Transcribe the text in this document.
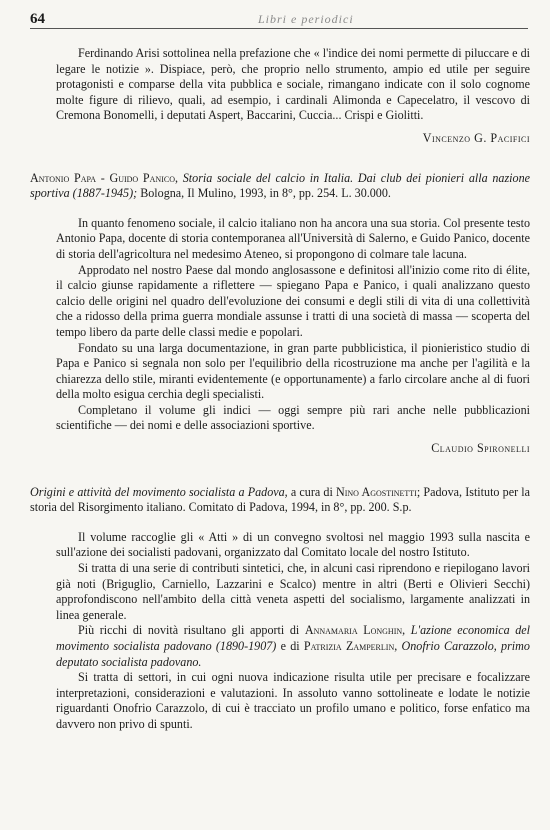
64	Libri e periodici

Ferdinando Arisi sottolinea nella prefazione che « l'indice dei nomi permette di piluccare e di legare le notizie ». Dispiace, però, che proprio nello strumento, ampio ed utile per seguire protagonisti e comparse della vita pubblica e sociale, rimangano indicate con il solo cognome molte figure di rilievo, quali, ad esempio, i cardinali Alimonda e Capecelatro, il vescovo di Cremona Bonomelli, i deputati Aspert, Baccarini, Cuccia... Crispi e Giolitti.

Vincenzo G. Pacifici

Antonio Papa - Guido Panico, Storia sociale del calcio in Italia. Dai club dei pionieri alla nazione sportiva (1887-1945); Bologna, Il Mulino, 1993, in 8°, pp. 254. L. 30.000.

In quanto fenomeno sociale, il calcio italiano non ha ancora una sua storia. Col presente testo Antonio Papa, docente di storia contemporanea all'Università di Salerno, e Guido Panico, docente di storia dell'agricoltura nel medesimo Ateneo, si propongono di colmare tale lacuna.

Approdato nel nostro Paese dal mondo anglosassone e definitosi all'inizio come rito di élite, il calcio giunse rapidamente a riflettere — spiegano Papa e Panico, i quali analizzano questo calcio delle origini nel quadro dell'evoluzione dei consumi e degli stili di vita di una collettività che a ridosso della prima guerra mondiale assunse i tratti di una società di massa — scoperta del tempo libero da parte delle classi medie e popolari.

Fondato su una larga documentazione, in gran parte pubblicistica, il pionieristico studio di Papa e Panico si segnala non solo per l'equilibrio della ricostruzione ma anche per l'agilità e la chiarezza dello stile, miranti evidentemente (e opportunamente) a farlo circolare anche al di fuori della molto esigua cerchia degli specialisti.

Completano il volume gli indici — oggi sempre più rari anche nelle pubblicazioni scientifiche — dei nomi e delle associazioni sportive.

Claudio Spironelli

Origini e attività del movimento socialista a Padova, a cura di Nino Agostinetti; Padova, Istituto per la storia del Risorgimento italiano. Comitato di Padova, 1994, in 8°, pp. 200. S.p.

Il volume raccoglie gli « Atti » di un convegno svoltosi nel maggio 1993 sulla nascita e sull'azione dei socialisti padovani, organizzato dal Comitato locale del nostro Istituto.

Si tratta di una serie di contributi sintetici, che, in alcuni casi riprendono e riepilogano lavori già noti (Briguglio, Carniello, Lazzarini e Scalco) mentre in altri (Berti e Olivieri Secchi) approfondiscono nell'ambito della città veneta aspetti del socialismo, largamente analizzati in linea generale.

Più ricchi di novità risultano gli apporti di Annamaria Longhin, L'azione economica del movimento socialista padovano (1890-1907) e di Patrizia Zamperlin, Onofrio Carazzolo, primo deputato socialista padovano.

Si tratta di settori, in cui ogni nuova indicazione risulta utile per precisare e focalizzare interpretazioni, considerazioni e valutazioni. In assoluto vanno sottolineate e lodate le notizie riguardanti Onofrio Carazzolo, di cui è tracciato un profilo umano e politico, forse enfatico ma davvero non privo di spunti.
